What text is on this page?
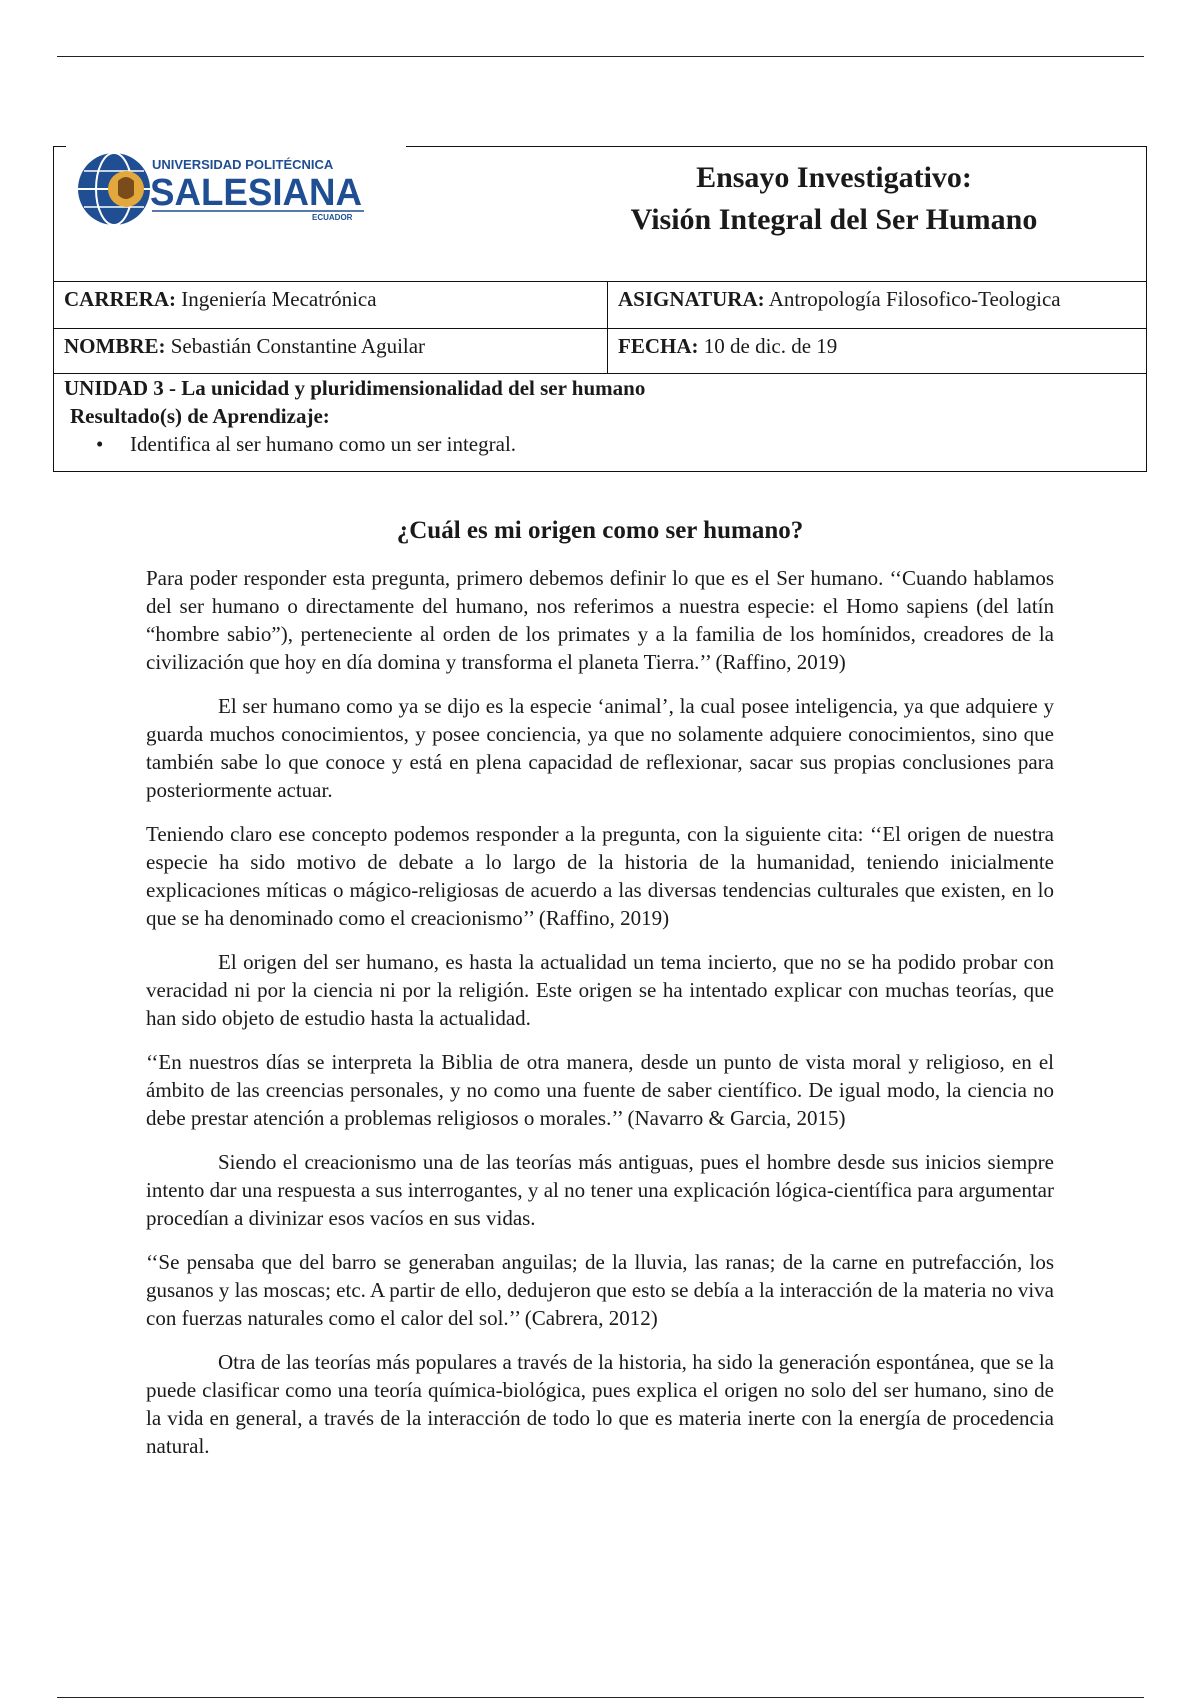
UNIVERSIDAD POLITÉCNICA
SALESIANA
ECUADOR
Ensayo Investigativo:
Visión Integral del Ser Humano
CARRERA: Ingeniería Mecatrónica	ASIGNATURA: Antropología Filosofico-Teologica
NOMBRE: Sebastián Constantine Aguilar	FECHA: 10 de dic. de 19
UNIDAD 3 - La unicidad y pluridimensionalidad del ser humano
Resultado(s) de Aprendizaje:
• Identifica al ser humano como un ser integral.
¿Cuál es mi origen como ser humano?

Para poder responder esta pregunta, primero debemos definir lo que es el Ser humano. ‘‘Cuando hablamos del ser humano o directamente del humano, nos referimos a nuestra especie: el Homo sapiens (del latín “hombre sabio”), perteneciente al orden de los primates y a la familia de los homínidos, creadores de la civilización que hoy en día domina y transforma el planeta Tierra.’’ (Raffino, 2019)

El ser humano como ya se dijo es la especie ‘animal’, la cual posee inteligencia, ya que adquiere y guarda muchos conocimientos, y posee conciencia, ya que no solamente adquiere conocimientos, sino que también sabe lo que conoce y está en plena capacidad de reflexionar, sacar sus propias conclusiones para posteriormente actuar.

Teniendo claro ese concepto podemos responder a la pregunta, con la siguiente cita: ‘‘El origen de nuestra especie ha sido motivo de debate a lo largo de la historia de la humanidad, teniendo inicialmente explicaciones míticas o mágico-religiosas de acuerdo a las diversas tendencias culturales que existen, en lo que se ha denominado como el creacionismo’’ (Raffino, 2019)

El origen del ser humano, es hasta la actualidad un tema incierto, que no se ha podido probar con veracidad ni por la ciencia ni por la religión. Este origen se ha intentado explicar con muchas teorías, que han sido objeto de estudio hasta la actualidad.

‘‘En nuestros días se interpreta la Biblia de otra manera, desde un punto de vista moral y religioso, en el ámbito de las creencias personales, y no como una fuente de saber científico. De igual modo, la ciencia no debe prestar atención a problemas religiosos o morales.’’ (Navarro & Garcia, 2015)

Siendo el creacionismo una de las teorías más antiguas, pues el hombre desde sus inicios siempre intento dar una respuesta a sus interrogantes, y al no tener una explicación lógica-científica para argumentar procedían a divinizar esos vacíos en sus vidas.

‘‘Se pensaba que del barro se generaban anguilas; de la lluvia, las ranas; de la carne en putrefacción, los gusanos y las moscas; etc. A partir de ello, dedujeron que esto se debía a la interacción de la materia no viva con fuerzas naturales como el calor del sol.’’ (Cabrera, 2012)

Otra de las teorías más populares a través de la historia, ha sido la generación espontánea, que se la puede clasificar como una teoría química-biológica, pues explica el origen no solo del ser humano, sino de la vida en general, a través de la interacción de todo lo que es materia inerte con la energía de procedencia natural.
